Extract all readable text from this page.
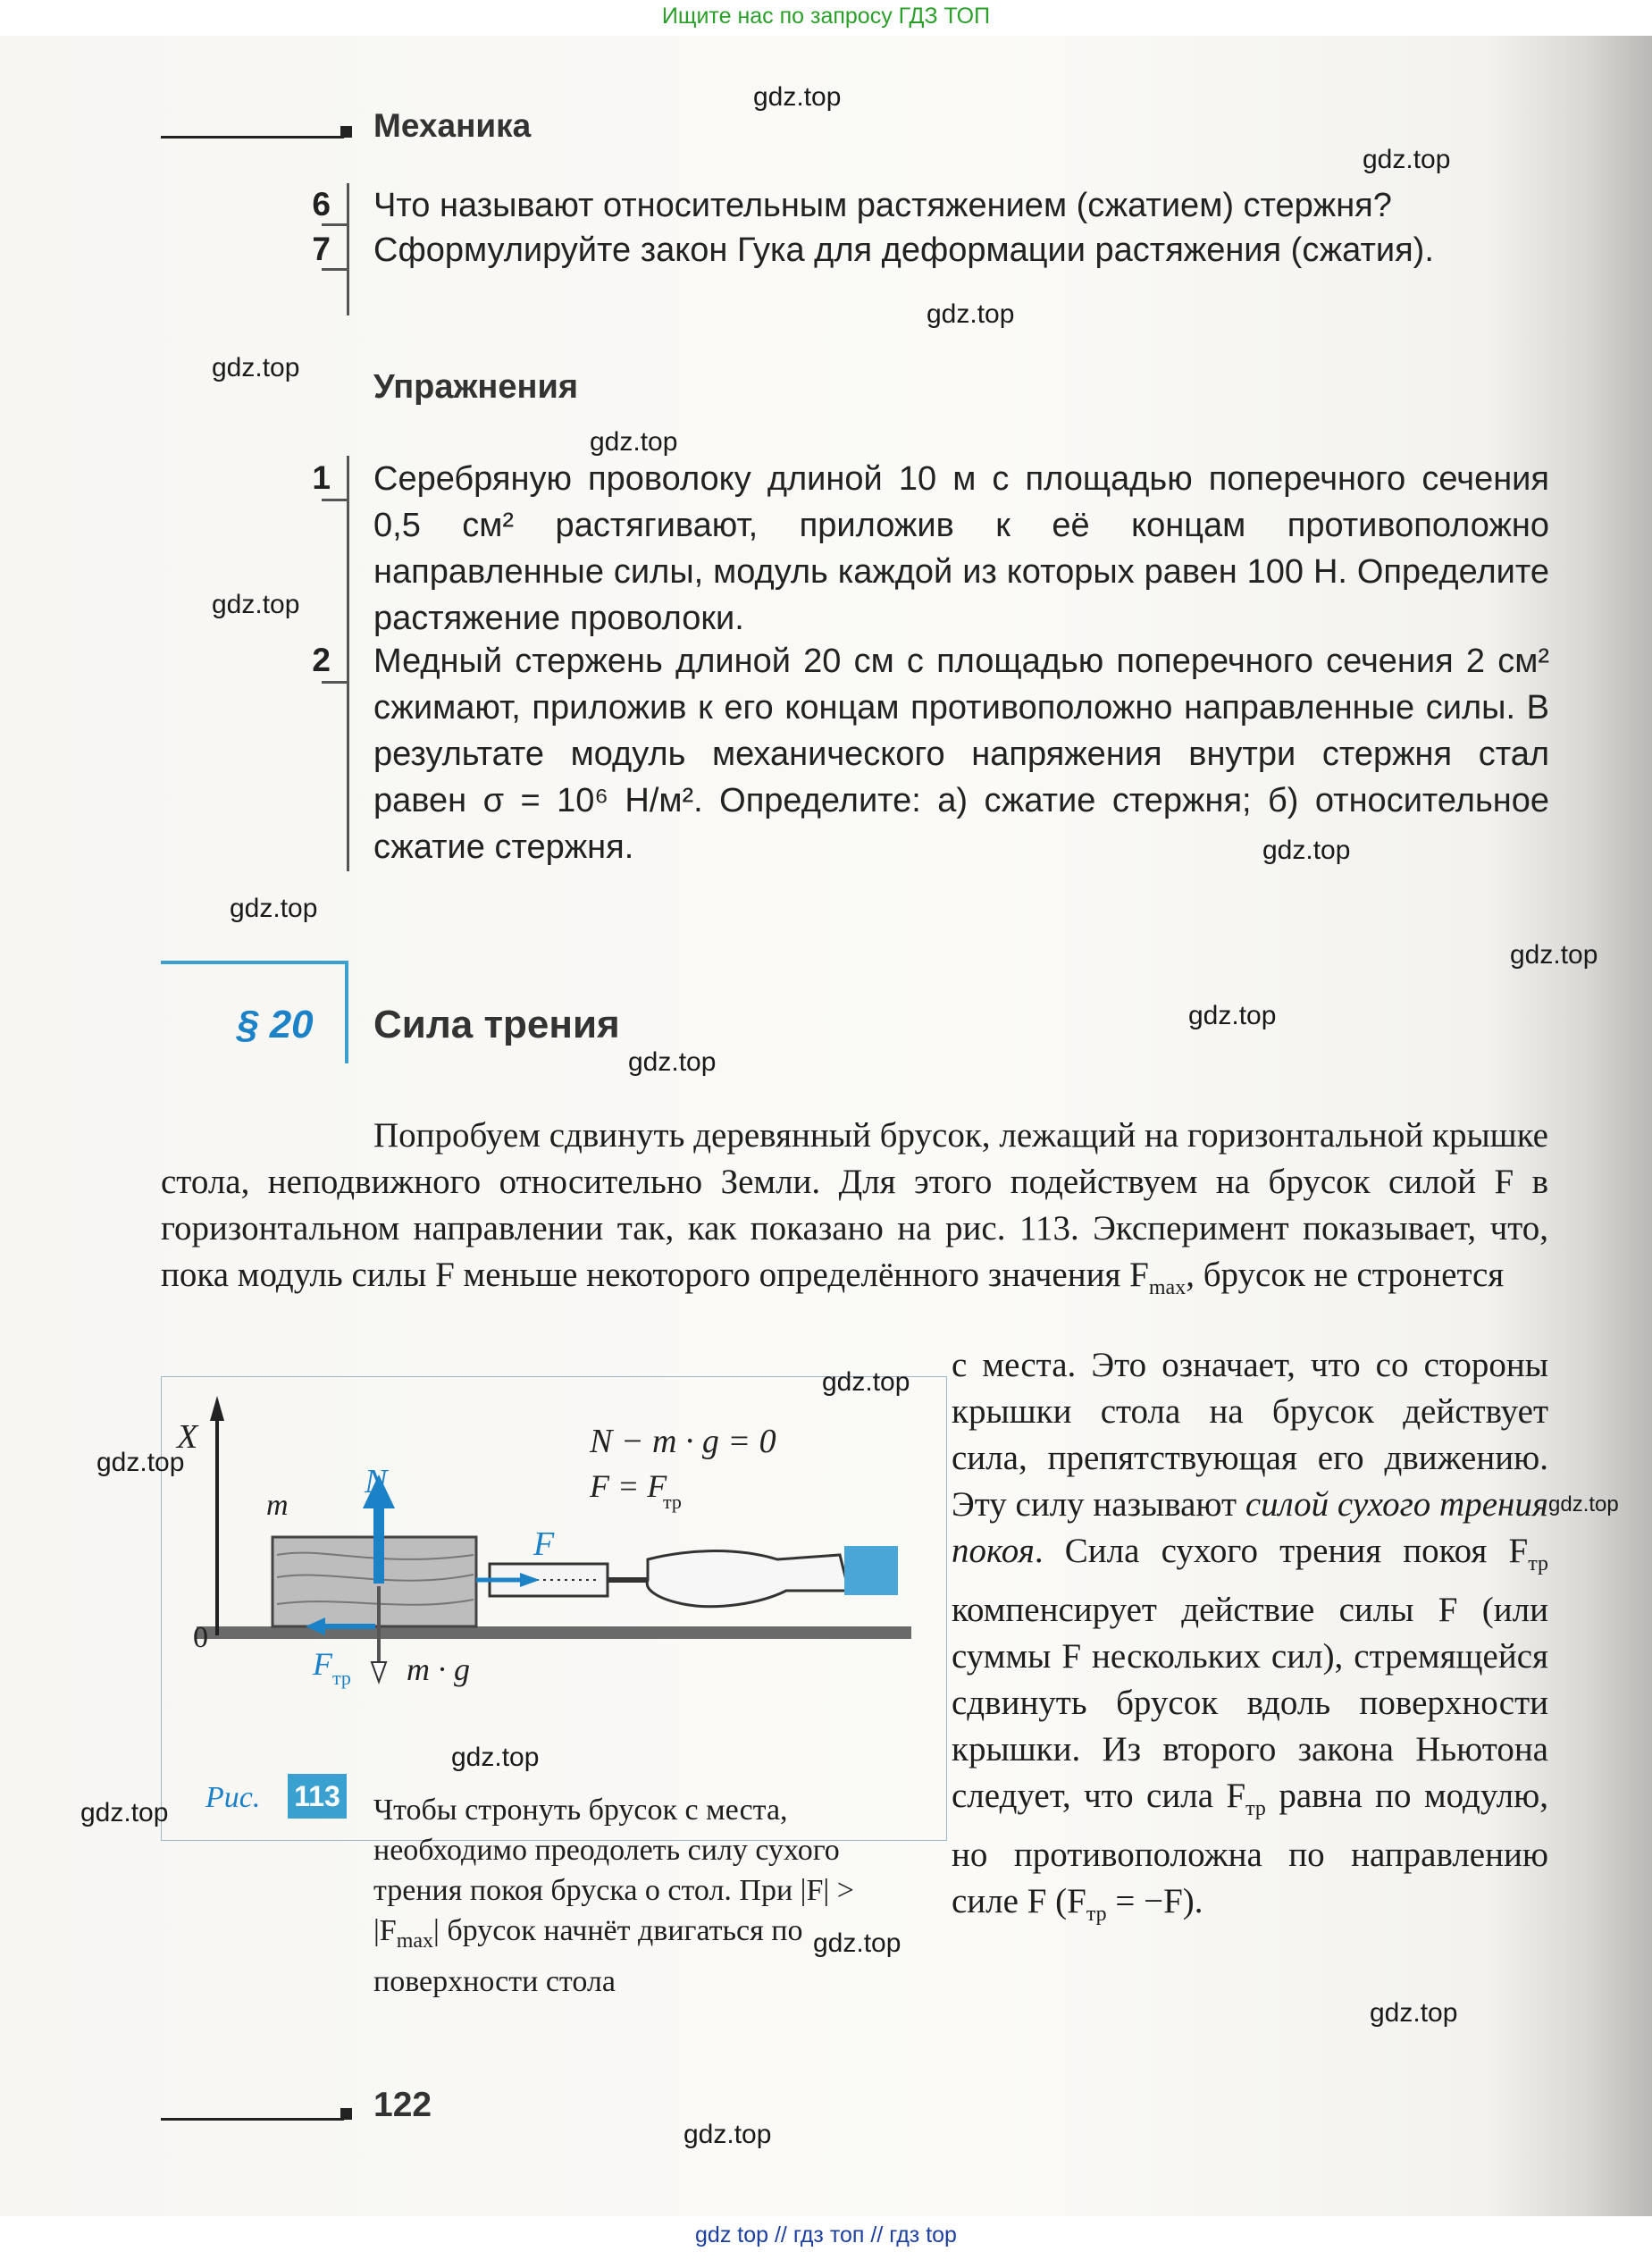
Ищите нас по запросу ГДЗ ТОП
Механика
6 Что называют относительным растяжением (сжатием) стержня?
7 Сформулируйте закон Гука для деформации растяжения (сжатия).
Упражнения
1 Серебряную проволоку длиной 10 м с площадью поперечного сечения 0,5 см² растягивают, приложив к её концам противоположно направленные силы, модуль каждой из которых равен 100 Н. Определите растяжение проволоки.
2 Медный стержень длиной 20 см с площадью поперечного сечения 2 см² сжимают, приложив к его концам противоположно направленные силы. В результате модуль механического напряжения внутри стержня стал равен σ = 10⁶ Н/м². Определите: а) сжатие стержня; б) относительное сжатие стержня.
§ 20 Сила трения
Попробуем сдвинуть деревянный брусок, лежащий на горизонтальной крышке стола, неподвижного относительно Земли. Для этого подействуем на брусок силой F в горизонтальном направлении так, как показано на рис. 113. Эксперимент показывает, что, пока модуль силы F меньше некоторого определённого значения $F_{max}$, брусок не стронется
X
0
m
N
F
F тр m · g
N − m · g = 0
F = F
тр
Рис. 113 Чтобы стронуть брусок с места, необходимо преодолеть силу сухого трения покоя бруска о стол. При $|F| > |F_{max}|$ брусок начнёт двигаться по поверхности стола
с места. Это означает, что со стороны крышки стола на брусок действует сила, препятствующая его движению. Эту силу называют силой сухого трения покоя. Сила сухого трения покоя $F_{тр}$ компенсирует действие силы F (или суммы F нескольких сил), стремящейся сдвинуть брусок вдоль поверхности крышки. Из второго закона Ньютона следует, что сила $F_{тр}$ равна по модулю, но противоположна по направлению силе F $(F_{тр} = -F)$.
122
gdz.top
gdz.top
gdz.top
gdz.top
gdz.top
gdz.top
gdz.top
gdz.top
gdz.top
gdz.top
gdz.top
gdz.top
gdz.top
gdz.top
gdz.top
gdz.top
gdz.top
gdz.top
gdz.top
gdz top // гдз топ // гдз top
